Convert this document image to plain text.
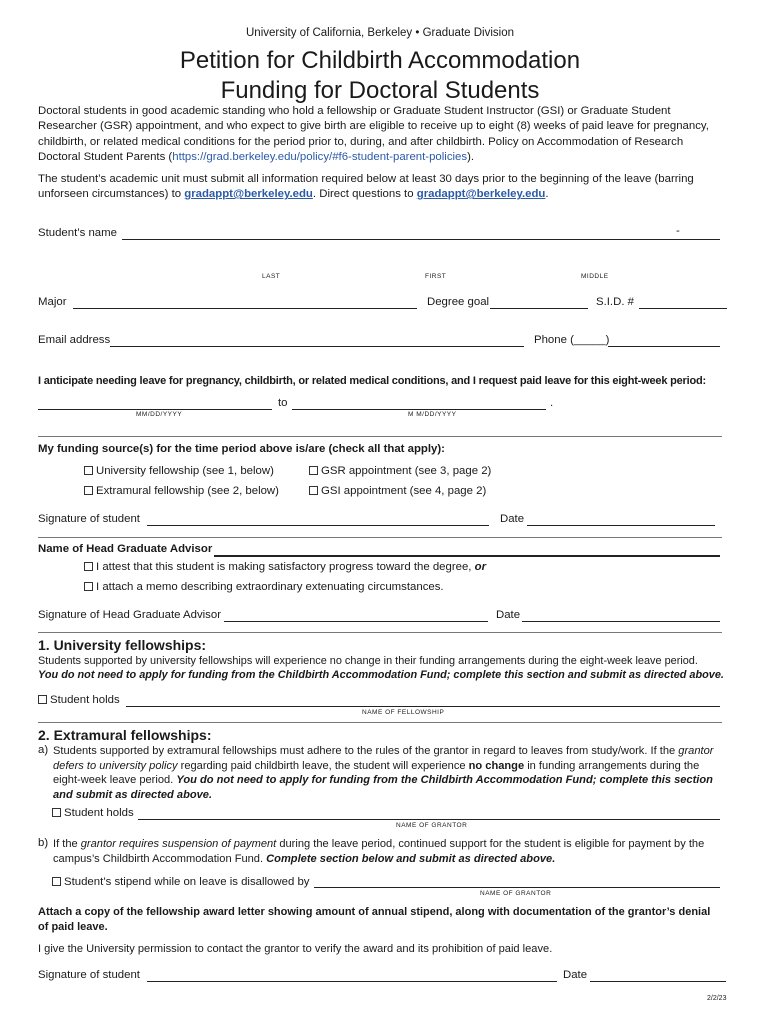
University of California, Berkeley • Graduate Division
Petition for Childbirth Accommodation
Funding for Doctoral Students
Doctoral students in good academic standing who hold a fellowship or Graduate Student Instructor (GSI) or Graduate Student Researcher (GSR) appointment, and who expect to give birth are eligible to receive up to eight (8) weeks of paid leave for pregnancy, childbirth, or related medical conditions for the period prior to, during, and after childbirth. Policy on Accommodation of Research Doctoral Student Parents (https://grad.berkeley.edu/policy/#f6-student-parent-policies).
The student’s academic unit must submit all information required below at least 30 days prior to the beginning of the leave (barring unforseen circumstances) to gradappt@berkeley.edu. Direct questions to gradappt@berkeley.edu.
Student’s name	-
LAST	FIRST	MIDDLE
Major	Degree goal	S.I.D. #
Email address	Phone (_____)
I anticipate needing leave for pregnancy, childbirth, or related medical conditions, and I request paid leave for this eight-week period:
to	.
MM/DD/YYYY	M M/DD/YYYY
My funding source(s) for the time period above is/are (check all that apply):
University fellowship (see 1, below)	GSR appointment (see 3, page 2)
Extramural fellowship (see 2, below)	GSI appointment (see 4, page 2)
Signature of student	Date
Name of Head Graduate Advisor
I attest that this student is making satisfactory progress toward the degree, or
I attach a memo describing extraordinary extenuating circumstances.
Signature of Head Graduate Advisor	Date
1. University fellowships:
Students supported by university fellowships will experience no change in their funding arrangements during the eight-week leave period.
You do not need to apply for funding from the Childbirth Accommodation Fund; complete this section and submit as directed above.
Student holds
NAME OF FELLOWSHIP
2. Extramural fellowships:
a) Students supported by extramural fellowships must adhere to the rules of the grantor in regard to leaves from study/work. If the grantor defers to university policy regarding paid childbirth leave, the student will experience no change in funding arrangements during the eight-week leave period. You do not need to apply for funding from the Childbirth Accommodation Fund; complete this section and submit as directed above.
Student holds
NAME OF GRANTOR
b) If the grantor requires suspension of payment during the leave period, continued support for the student is eligible for payment by the campus’s Childbirth Accommodation Fund. Complete section below and submit as directed above.
Student’s stipend while on leave is disallowed by
NAME OF GRANTOR
Attach a copy of the fellowship award letter showing amount of annual stipend, along with documentation of the grantor’s denial of paid leave.
I give the University permission to contact the grantor to verify the award and its prohibition of paid leave.
Signature of student	Date
2/2/23
